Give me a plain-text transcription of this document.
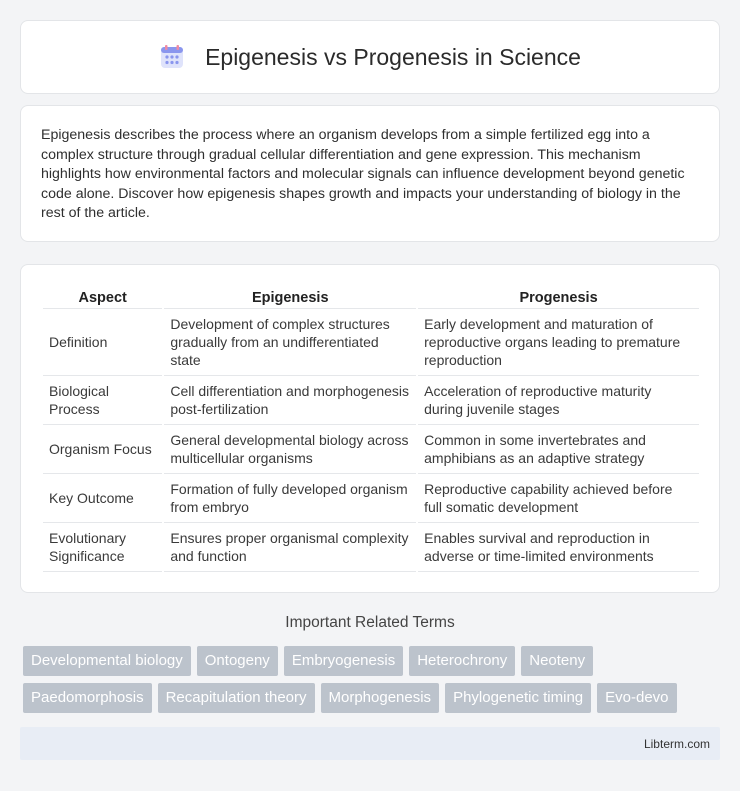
Epigenesis vs Progenesis in Science

Epigenesis describes the process where an organism develops from a simple fertilized egg into a complex structure through gradual cellular differentiation and gene expression. This mechanism highlights how environmental factors and molecular signals can influence development beyond genetic code alone. Discover how epigenesis shapes growth and impacts your understanding of biology in the rest of the article.

Aspect	Epigenesis	Progenesis
Definition	Development of complex structures gradually from an undifferentiated state	Early development and maturation of reproductive organs leading to premature reproduction
Biological Process	Cell differentiation and morphogenesis post-fertilization	Acceleration of reproductive maturity during juvenile stages
Organism Focus	General developmental biology across multicellular organisms	Common in some invertebrates and amphibians as an adaptive strategy
Key Outcome	Formation of fully developed organism from embryo	Reproductive capability achieved before full somatic development
Evolutionary Significance	Ensures proper organismal complexity and function	Enables survival and reproduction in adverse or time-limited environments
Important Related Terms
Developmental biology	Ontogeny	Embryogenesis	Heterochrony	Neoteny
Paedomorphosis	Recapitulation theory	Morphogenesis	Phylogenetic timing	Evo-devo
Libterm.com
